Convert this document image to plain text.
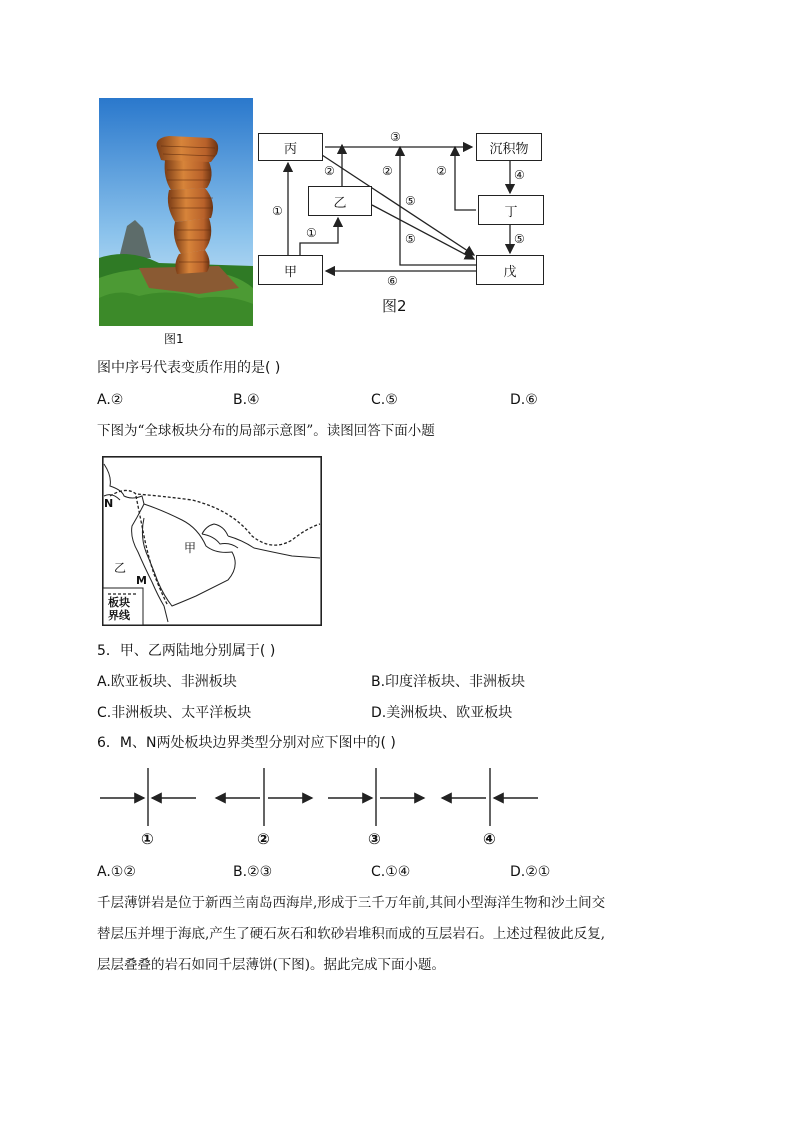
图1
丙
乙
甲
沉积物
丁
戊
①
①
②
③
②	②	④
⑤
⑤	⑤
⑥
图2
图中序号代表变质作用的是( )
A.②	B.④	C.⑤	D.⑥
下图为“全球板块分布的局部示意图”。读图回答下面小题
N
M
甲
乙
板块
界线
5．甲、乙两陆地分别属于( )
A.欧亚板块、非洲板块	B.印度洋板块、非洲板块
C.非洲板块、太平洋板块	D.美洲板块、欧亚板块
6．M、N两处板块边界类型分别对应下图中的( )
①	②	③	④
A.①②	B.②③	C.①④	D.②①
千层薄饼岩是位于新西兰南岛西海岸,形成于三千万年前,其间小型海洋生物和沙土间交
替层压并埋于海底,产生了硬石灰石和软砂岩堆积而成的互层岩石。上述过程彼此反复,
层层叠叠的岩石如同千层薄饼(下图)。据此完成下面小题。
